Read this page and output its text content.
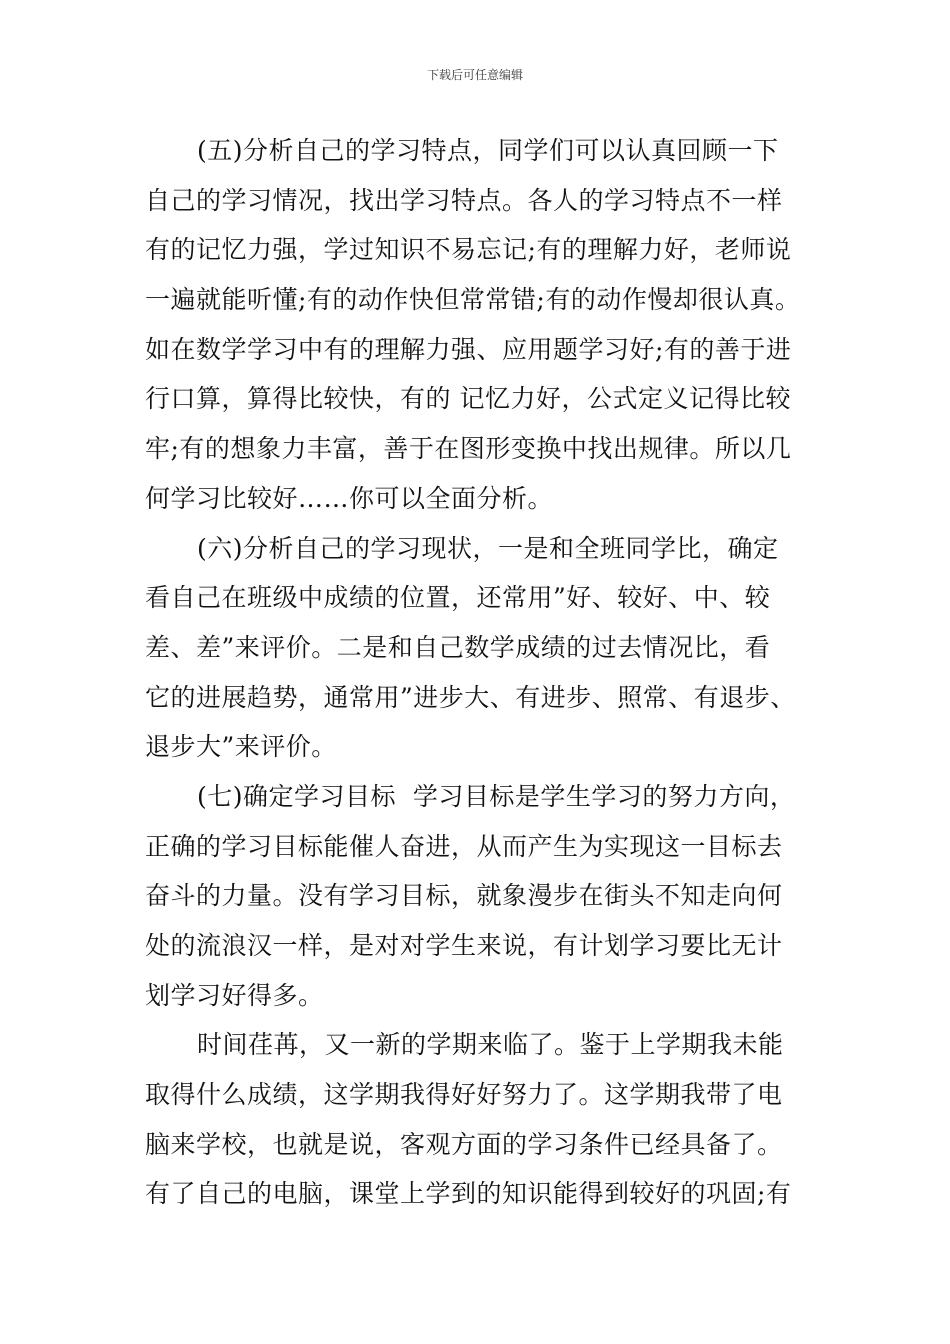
下载后可任意编辑
(五)分析自己的学习特点，同学们可以认真回顾一下
自己的学习情况，找出学习特点。各人的学习特点不一样
有的记忆力强，学过知识不易忘记;有的理解力好，老师说
一遍就能听懂;有的动作快但常常错;有的动作慢却很认真。
如在数学学习中有的理解力强、应用题学习好;有的善于进
行口算，算得比较快，有的 记忆力好，公式定义记得比较
牢;有的想象力丰富，善于在图形变换中找出规律。所以几
何学习比较好……你可以全面分析。
(六)分析自己的学习现状，一是和全班同学比，确定
看自己在班级中成绩的位置，还常用”好、较好、中、较
差、差”来评价。二是和自己数学成绩的过去情况比，看
它的进展趋势，通常用”进步大、有进步、照常、有退步、
退步大”来评价。
(七)确定学习目标  学习目标是学生学习的努力方向，
正确的学习目标能催人奋进，从而产生为实现这一目标去
奋斗的力量。没有学习目标，就象漫步在街头不知走向何
处的流浪汉一样，是对对学生来说，有计划学习要比无计
划学习好得多。
时间荏苒，又一新的学期来临了。鉴于上学期我未能
取得什么成绩，这学期我得好好努力了。这学期我带了电
脑来学校，也就是说，客观方面的学习条件已经具备了。
有了自己的电脑，课堂上学到的知识能得到较好的巩固;有
